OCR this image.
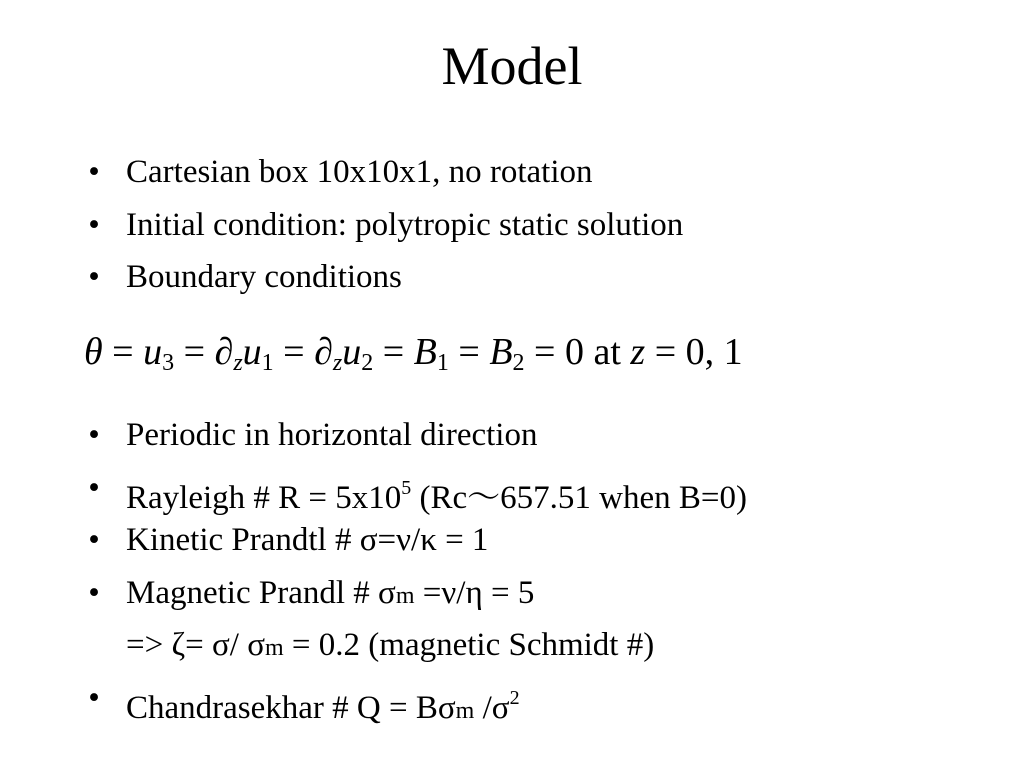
Model
• Cartesian box 10x10x1, no rotation
• Initial condition: polytropic static solution
• Boundary conditions
$\theta = u_3 = \partial_zu_1 = \partial_zu_2 = B_1 = B_2 = 0$ at z = 0, 1
• Periodic in horizontal direction
• Rayleigh # $R = 5x10^5$ (Rc～657.51 when B=0)
• Kinetic Prandtl # σ=ν/κ = 1
• Magnetic Prandl # σm =ν/η = 5
=> ζ= σ/ σm = 0.2 (magnetic Schmidt #)
• Chandrasekhar # Q = Bσm $/\sigma^2$
